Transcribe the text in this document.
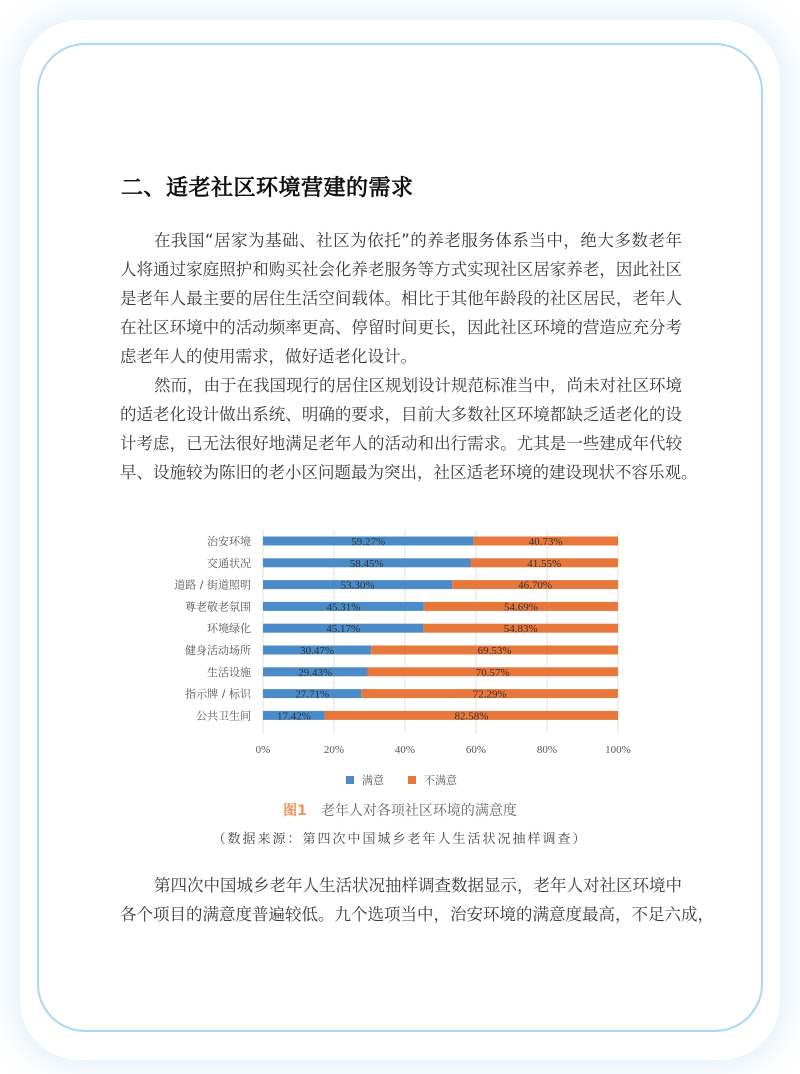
二、适老社区环境营建的需求
在我国“居家为基础、社区为依托”的养老服务体系当中，绝大多数老年
人将通过家庭照护和购买社会化养老服务等方式实现社区居家养老，因此社区
是老年人最主要的居住生活空间载体。相比于其他年龄段的社区居民，老年人
在社区环境中的活动频率更高、停留时间更长，因此社区环境的营造应充分考
虑老年人的使用需求，做好适老化设计。
然而，由于在我国现行的居住区规划设计规范标准当中，尚未对社区环境
的适老化设计做出系统、明确的要求，目前大多数社区环境都缺乏适老化的设
计考虑，已无法很好地满足老年人的活动和出行需求。尤其是一些建成年代较
早、设施较为陈旧的老小区问题最为突出，社区适老环境的建设现状不容乐观。
第四次中国城乡老年人生活状况抽样调查数据显示，老年人对社区环境中
各个项目的满意度普遍较低。九个选项当中，治安环境的满意度最高，不足六成，
0%	20%	40%	60%	80%	100%
治安环境	59.27%	40.73%
交通状况	58.45%	41.55%
道路 / 街道照明	53.30%	46.70%
尊老敬老氛围	45.31%	54.69%
环境绿化	45.17%	54.83%
健身活动场所	30.47%	69.53%
生活设施	29.43%	70.57%
指示牌 / 标识	27.71%	72.29%
公共卫生间 17.42%	82.58%
满意	不满意
图1 老年人对各项社区环境的满意度
（数据来源：第四次中国城乡老年人生活状况抽样调查）
